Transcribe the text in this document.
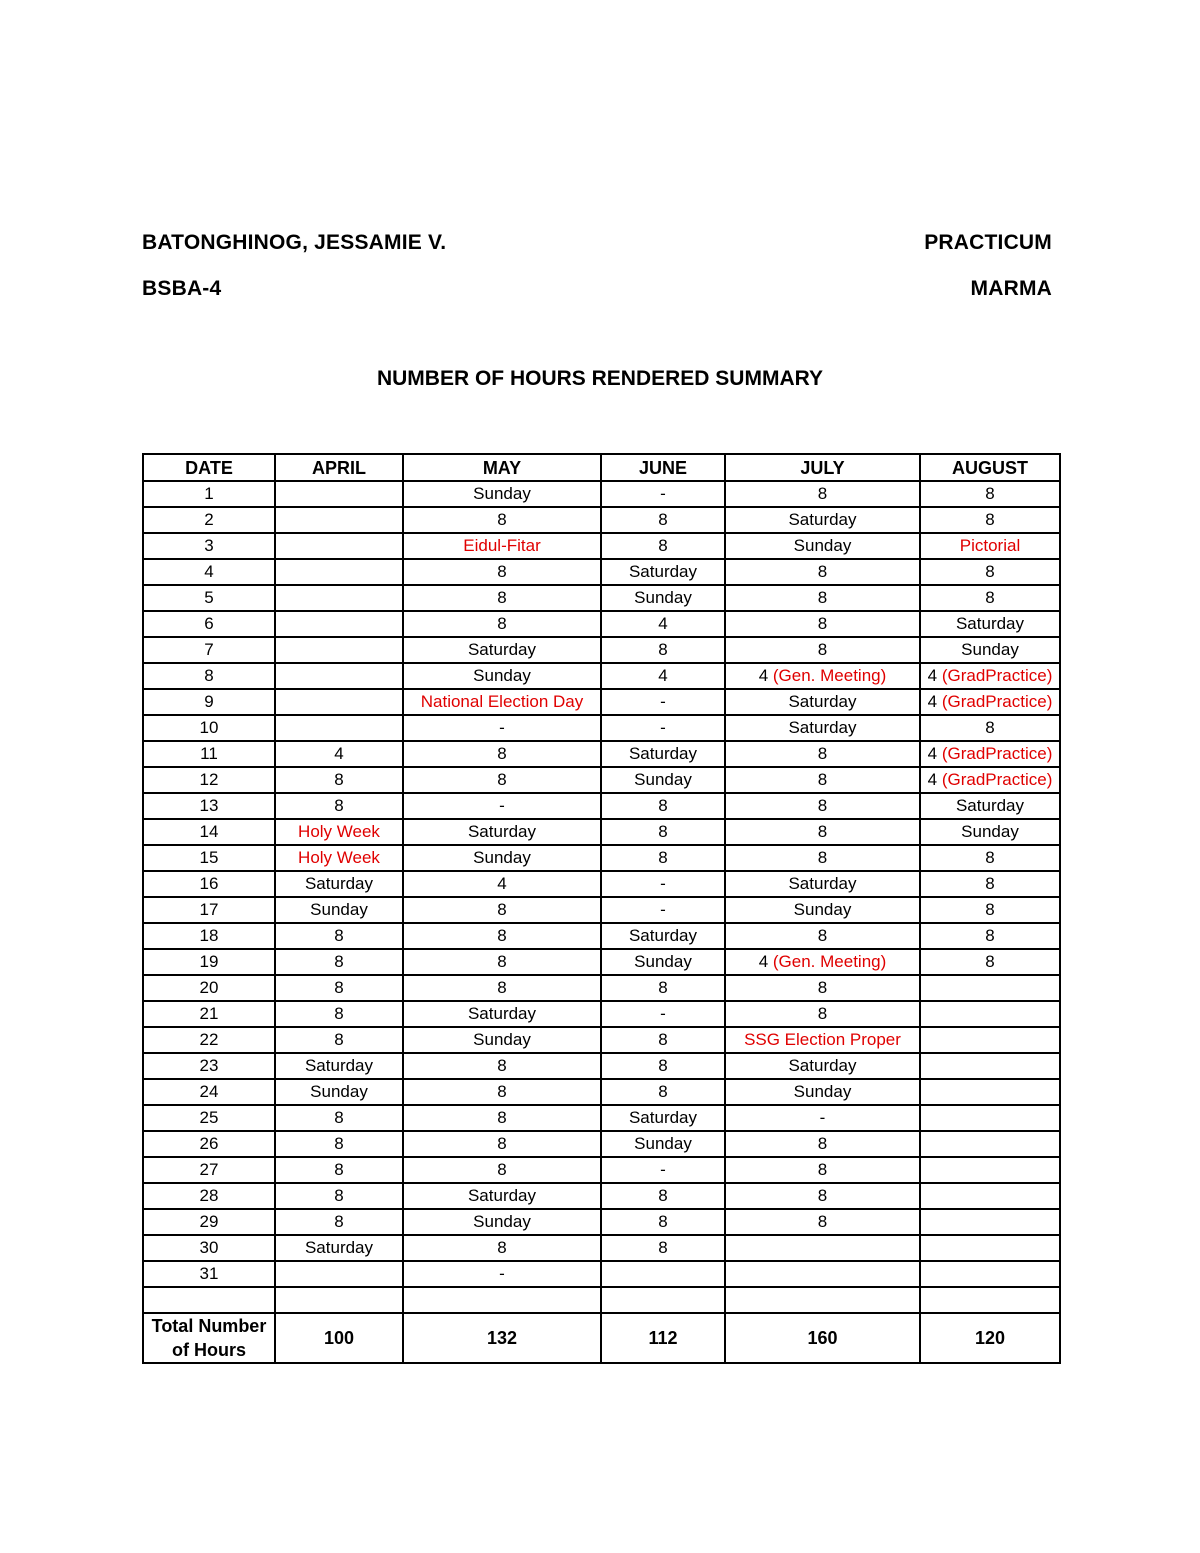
BATONGHINOG, JESSAMIE V.
BSBA-4
PRACTICUM
MARMA
NUMBER OF HOURS RENDERED SUMMARY
DATE	APRIL	MAY	JUNE	JULY	AUGUST
1		Sunday	-	8	8
2		8	8	Saturday	8
3		Eidul-Fitar	8	Sunday	Pictorial
4		8	Saturday	8	8
5		8	Sunday	8	8
6		8	4	8	Saturday
7		Saturday	8	8	Sunday
8		Sunday	4	4 (Gen. Meeting)	4 (GradPractice)
9		National Election Day	-	Saturday	4 (GradPractice)
10		-	-	Saturday	8
11	4	8	Saturday	8	4 (GradPractice)
12	8	8	Sunday	8	4 (GradPractice)
13	8	-	8	8	Saturday
14	Holy Week	Saturday	8	8	Sunday
15	Holy Week	Sunday	8	8	8
16	Saturday	4	-	Saturday	8
17	Sunday	8	-	Sunday	8
18	8	8	Saturday	8	8
19	8	8	Sunday	4 (Gen. Meeting)	8
20	8	8	8	8	
21	8	Saturday	-	8	
22	8	Sunday	8	SSG Election Proper	
23	Saturday	8	8	Saturday	
24	Sunday	8	8	Sunday	
25	8	8	Saturday	-	
26	8	8	Sunday	8	
27	8	8	-	8	
28	8	Saturday	8	8	
29	8	Sunday	8	8	
30	Saturday	8	8		
31		-			

Total Number
of Hours	100	132	112	160	120
